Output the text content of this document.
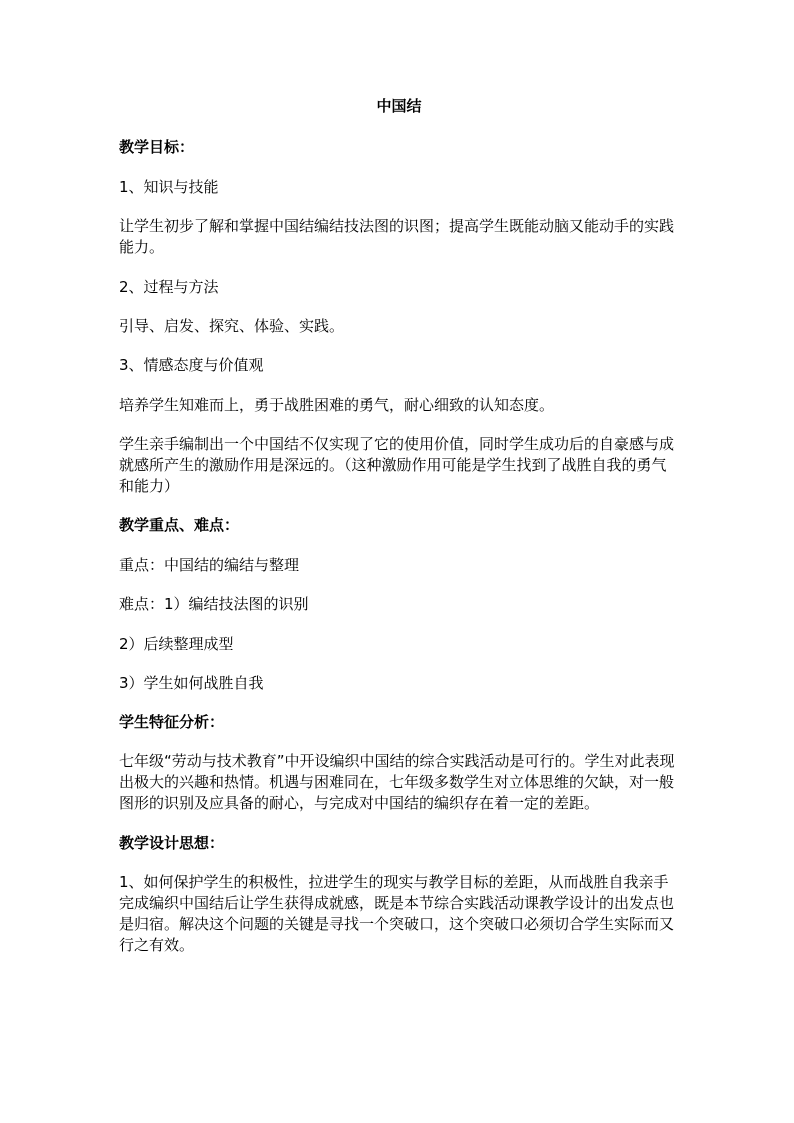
中国结

教学目标：

1、知识与技能

让学生初步了解和掌握中国结编结技法图的识图；提高学生既能动脑又能动手的实践能力。

2、过程与方法

引导、启发、探究、体验、实践。

3、情感态度与价值观

培养学生知难而上，勇于战胜困难的勇气，耐心细致的认知态度。

学生亲手编制出一个中国结不仅实现了它的使用价值，同时学生成功后的自豪感与成就感所产生的激励作用是深远的。（这种激励作用可能是学生找到了战胜自我的勇气和能力）

教学重点、难点：

重点：中国结的编结与整理

难点：1）编结技法图的识别

2）后续整理成型

3）学生如何战胜自我

学生特征分析：

七年级“劳动与技术教育”中开设编织中国结的综合实践活动是可行的。学生对此表现出极大的兴趣和热情。机遇与困难同在，七年级多数学生对立体思维的欠缺，对一般图形的识别及应具备的耐心，与完成对中国结的编织存在着一定的差距。

教学设计思想：

1、如何保护学生的积极性，拉进学生的现实与教学目标的差距，从而战胜自我亲手完成编织中国结后让学生获得成就感，既是本节综合实践活动课教学设计的出发点也是归宿。解决这个问题的关键是寻找一个突破口，这个突破口必须切合学生实际而又行之有效。
